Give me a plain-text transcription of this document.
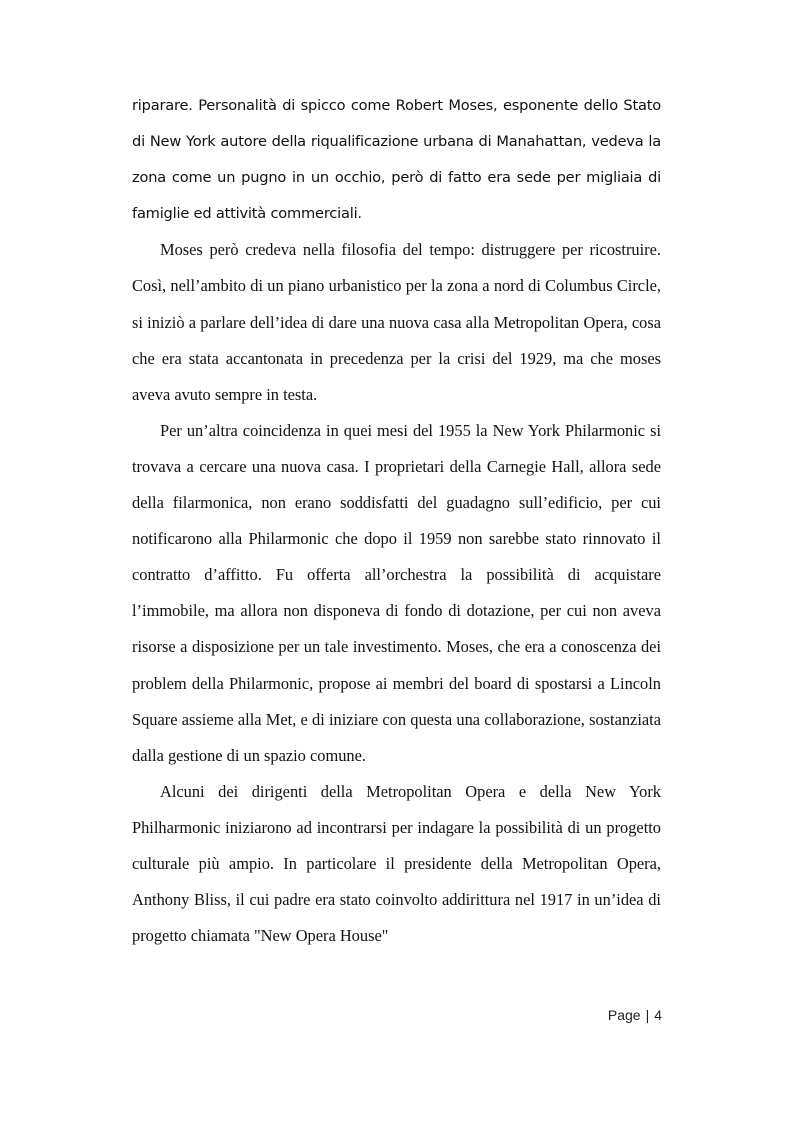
riparare. Personalità di spicco come Robert Moses, esponente dello Stato di New York autore della riqualificazione urbana di Manahattan, vedeva la zona come un pugno in un occhio, però di fatto era sede per migliaia di famiglie ed attività commerciali.

Moses però credeva nella filosofia del tempo: distruggere per ricostruire. Così, nell’ambito di un piano urbanistico per la zona a nord di Columbus Circle, si iniziò a parlare dell’idea di dare una nuova casa alla Metropolitan Opera, cosa che era stata accantonata in precedenza per la crisi del 1929, ma che moses aveva avuto sempre in testa.

Per un’altra coincidenza in quei mesi del 1955 la New York Philarmonic si trovava a cercare una nuova casa. I proprietari della Carnegie Hall, allora sede della filarmonica, non erano soddisfatti del guadagno sull’edificio, per cui notificarono alla Philarmonic che dopo il 1959 non sarebbe stato rinnovato il contratto d’affitto. Fu offerta all’orchestra la possibilità di acquistare l’immobile, ma allora non disponeva di fondo di dotazione, per cui non aveva risorse a disposizione per un tale investimento. Moses, che era a conoscenza dei problem della Philarmonic, propose ai membri del board di spostarsi a Lincoln Square assieme alla Met, e di iniziare con questa una collaborazione, sostanziata dalla gestione di un spazio comune.

Alcuni dei dirigenti della Metropolitan Opera e della New York Philharmonic iniziarono ad incontrarsi per indagare la possibilità di un progetto culturale più ampio. In particolare il presidente della Metropolitan Opera, Anthony Bliss, il cui padre era stato coinvolto addirittura nel 1917 in un’idea di progetto chiamata "New Opera House"

Page | 4
